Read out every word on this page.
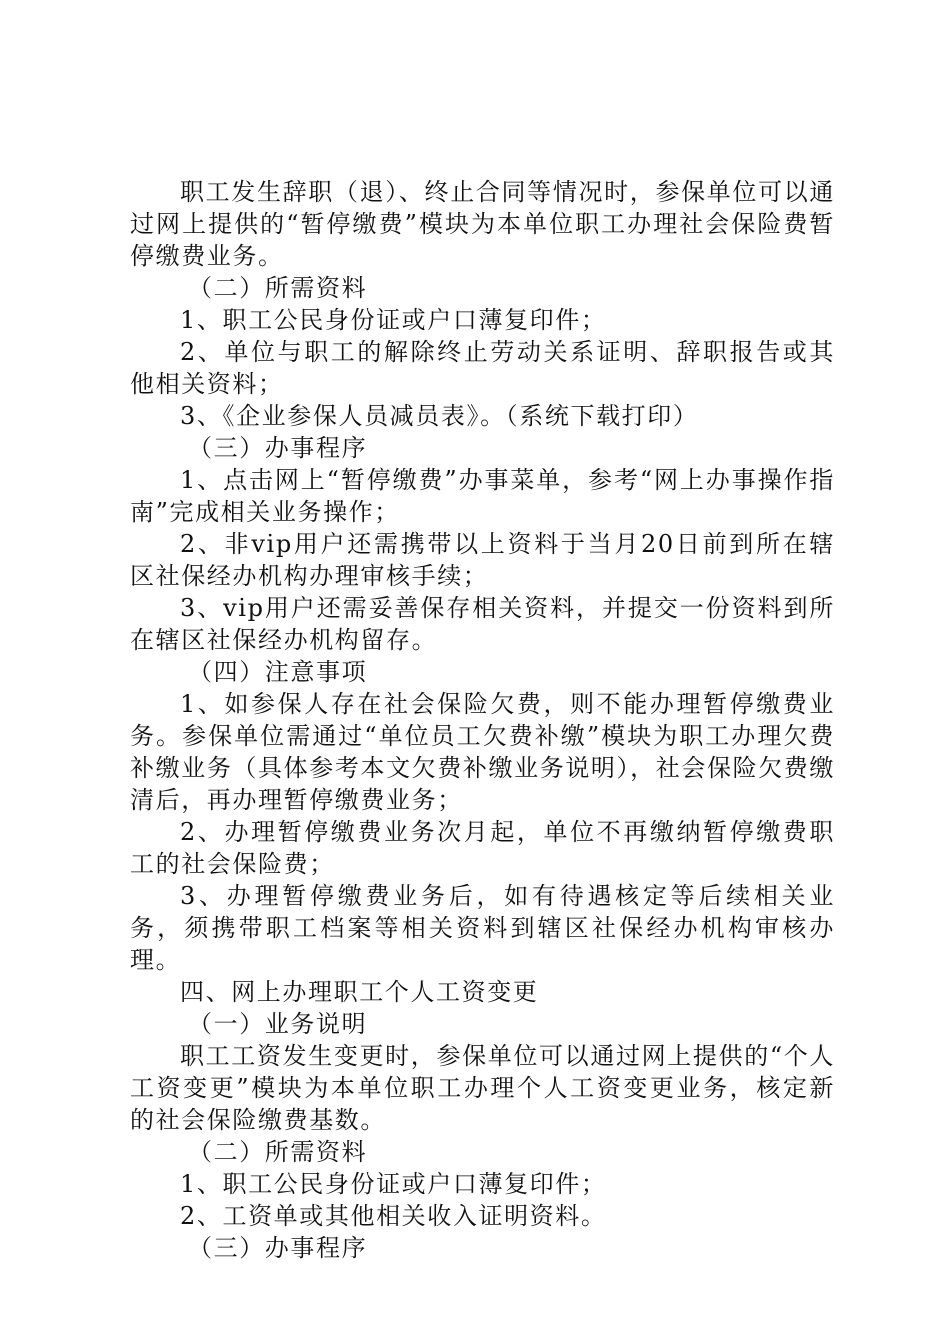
职工发生辞职（退）、终止合同等情况时，参保单位可以通过网上提供的“暂停缴费”模块为本单位职工办理社会保险费暂停缴费业务。

（二）所需资料

1、职工公民身份证或户口薄复印件；

2、单位与职工的解除终止劳动关系证明、辞职报告或其他相关资料；

3、《企业参保人员减员表》。（系统下载打印）

（三）办事程序

1、点击网上“暂停缴费”办事菜单，参考“网上办事操作指南”完成相关业务操作；

2、非vip用户还需携带以上资料于当月20日前到所在辖区社保经办机构办理审核手续；

3、vip用户还需妥善保存相关资料，并提交一份资料到所在辖区社保经办机构留存。

（四）注意事项

1、如参保人存在社会保险欠费，则不能办理暂停缴费业务。参保单位需通过“单位员工欠费补缴”模块为职工办理欠费补缴业务（具体参考本文欠费补缴业务说明），社会保险欠费缴清后，再办理暂停缴费业务；

2、办理暂停缴费业务次月起，单位不再缴纳暂停缴费职工的社会保险费；

3、办理暂停缴费业务后，如有待遇核定等后续相关业务，须携带职工档案等相关资料到辖区社保经办机构审核办理。

四、网上办理职工个人工资变更

（一）业务说明

职工工资发生变更时，参保单位可以通过网上提供的“个人工资变更”模块为本单位职工办理个人工资变更业务，核定新的社会保险缴费基数。

（二）所需资料

1、职工公民身份证或户口薄复印件；

2、工资单或其他相关收入证明资料。

（三）办事程序
